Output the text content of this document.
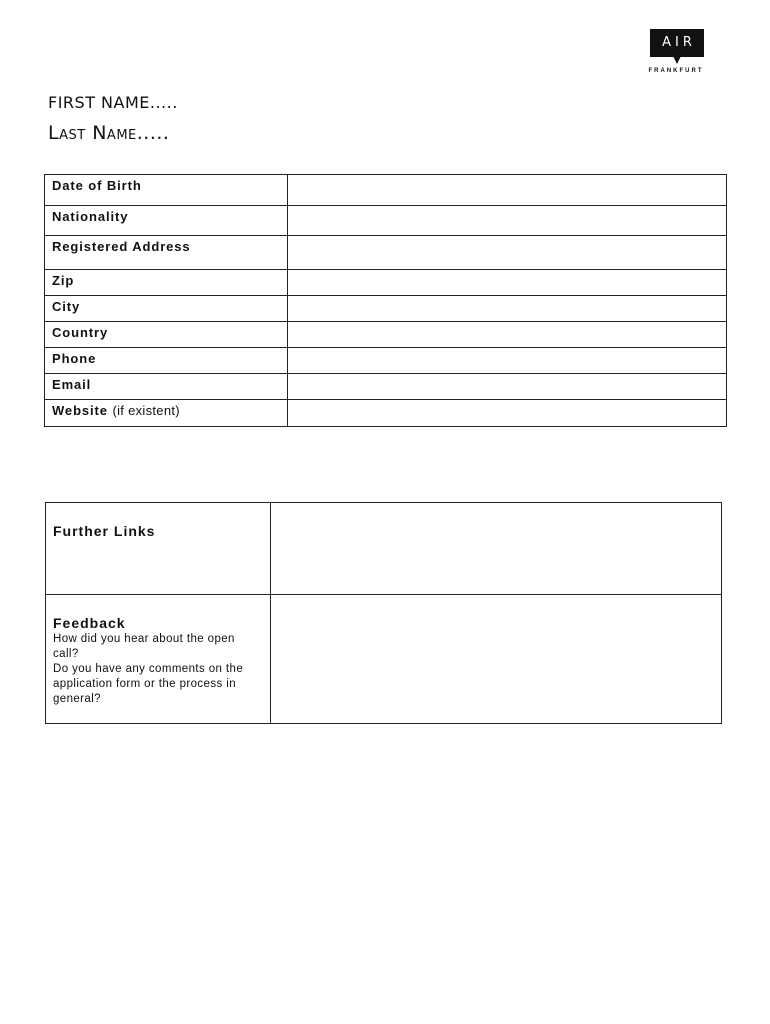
AIR
FRANKFURT
FIRST NAME.....
Last Name.....
Date of Birth	
Nationality	
Registered Address	
Zip	
City	
Country	
Phone	
Email	
Website (if existent)	
Further Links	

Feedback
How did you hear about the open call?
Do you have any comments on the application form or the process in general?	
